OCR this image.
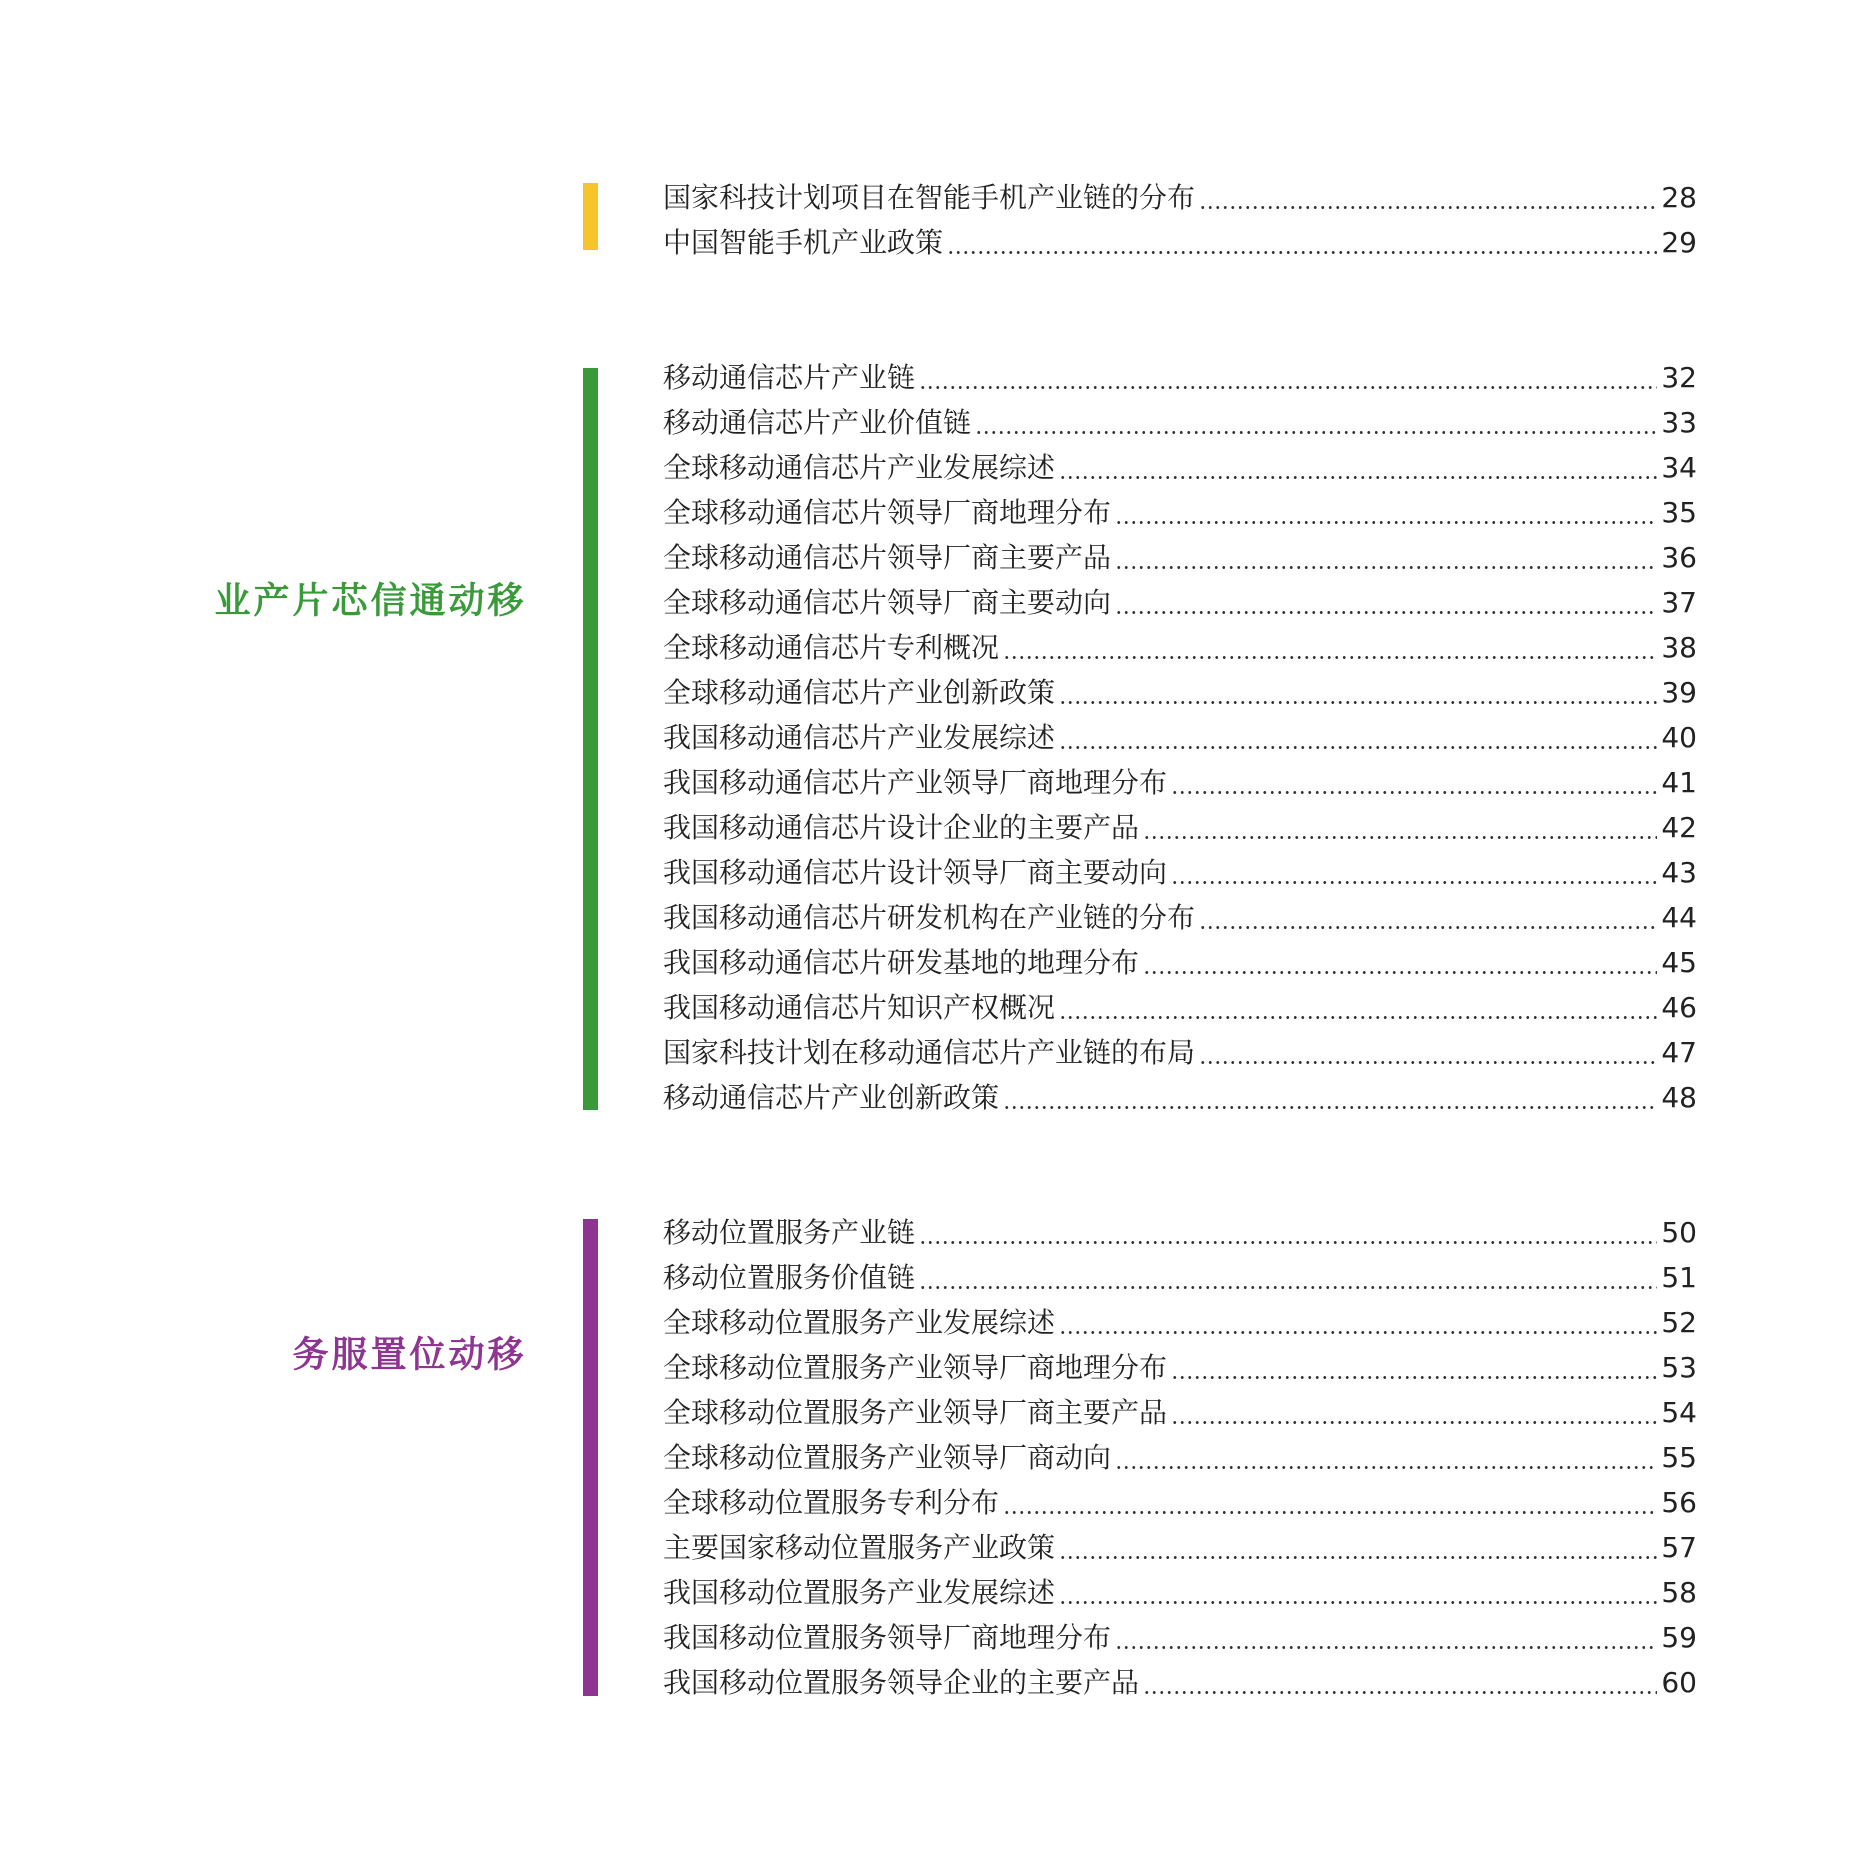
国家科技计划项目在智能手机产业链的分布	28
中国智能手机产业政策	29
移动通信芯片产业
移动通信芯片产业链	32
移动通信芯片产业价值链	33
全球移动通信芯片产业发展综述	34
全球移动通信芯片领导厂商地理分布	35
全球移动通信芯片领导厂商主要产品	36
全球移动通信芯片领导厂商主要动向	37
全球移动通信芯片专利概况	38
全球移动通信芯片产业创新政策	39
我国移动通信芯片产业发展综述	40
我国移动通信芯片产业领导厂商地理分布	41
我国移动通信芯片设计企业的主要产品	42
我国移动通信芯片设计领导厂商主要动向	43
我国移动通信芯片研发机构在产业链的分布	44
我国移动通信芯片研发基地的地理分布	45
我国移动通信芯片知识产权概况	46
国家科技计划在移动通信芯片产业链的布局	47
移动通信芯片产业创新政策	48
移动位置服务
移动位置服务产业链	50
移动位置服务价值链	51
全球移动位置服务产业发展综述	52
全球移动位置服务产业领导厂商地理分布	53
全球移动位置服务产业领导厂商主要产品	54
全球移动位置服务产业领导厂商动向	55
全球移动位置服务专利分布	56
主要国家移动位置服务产业政策	57
我国移动位置服务产业发展综述	58
我国移动位置服务领导厂商地理分布	59
我国移动位置服务领导企业的主要产品	60
